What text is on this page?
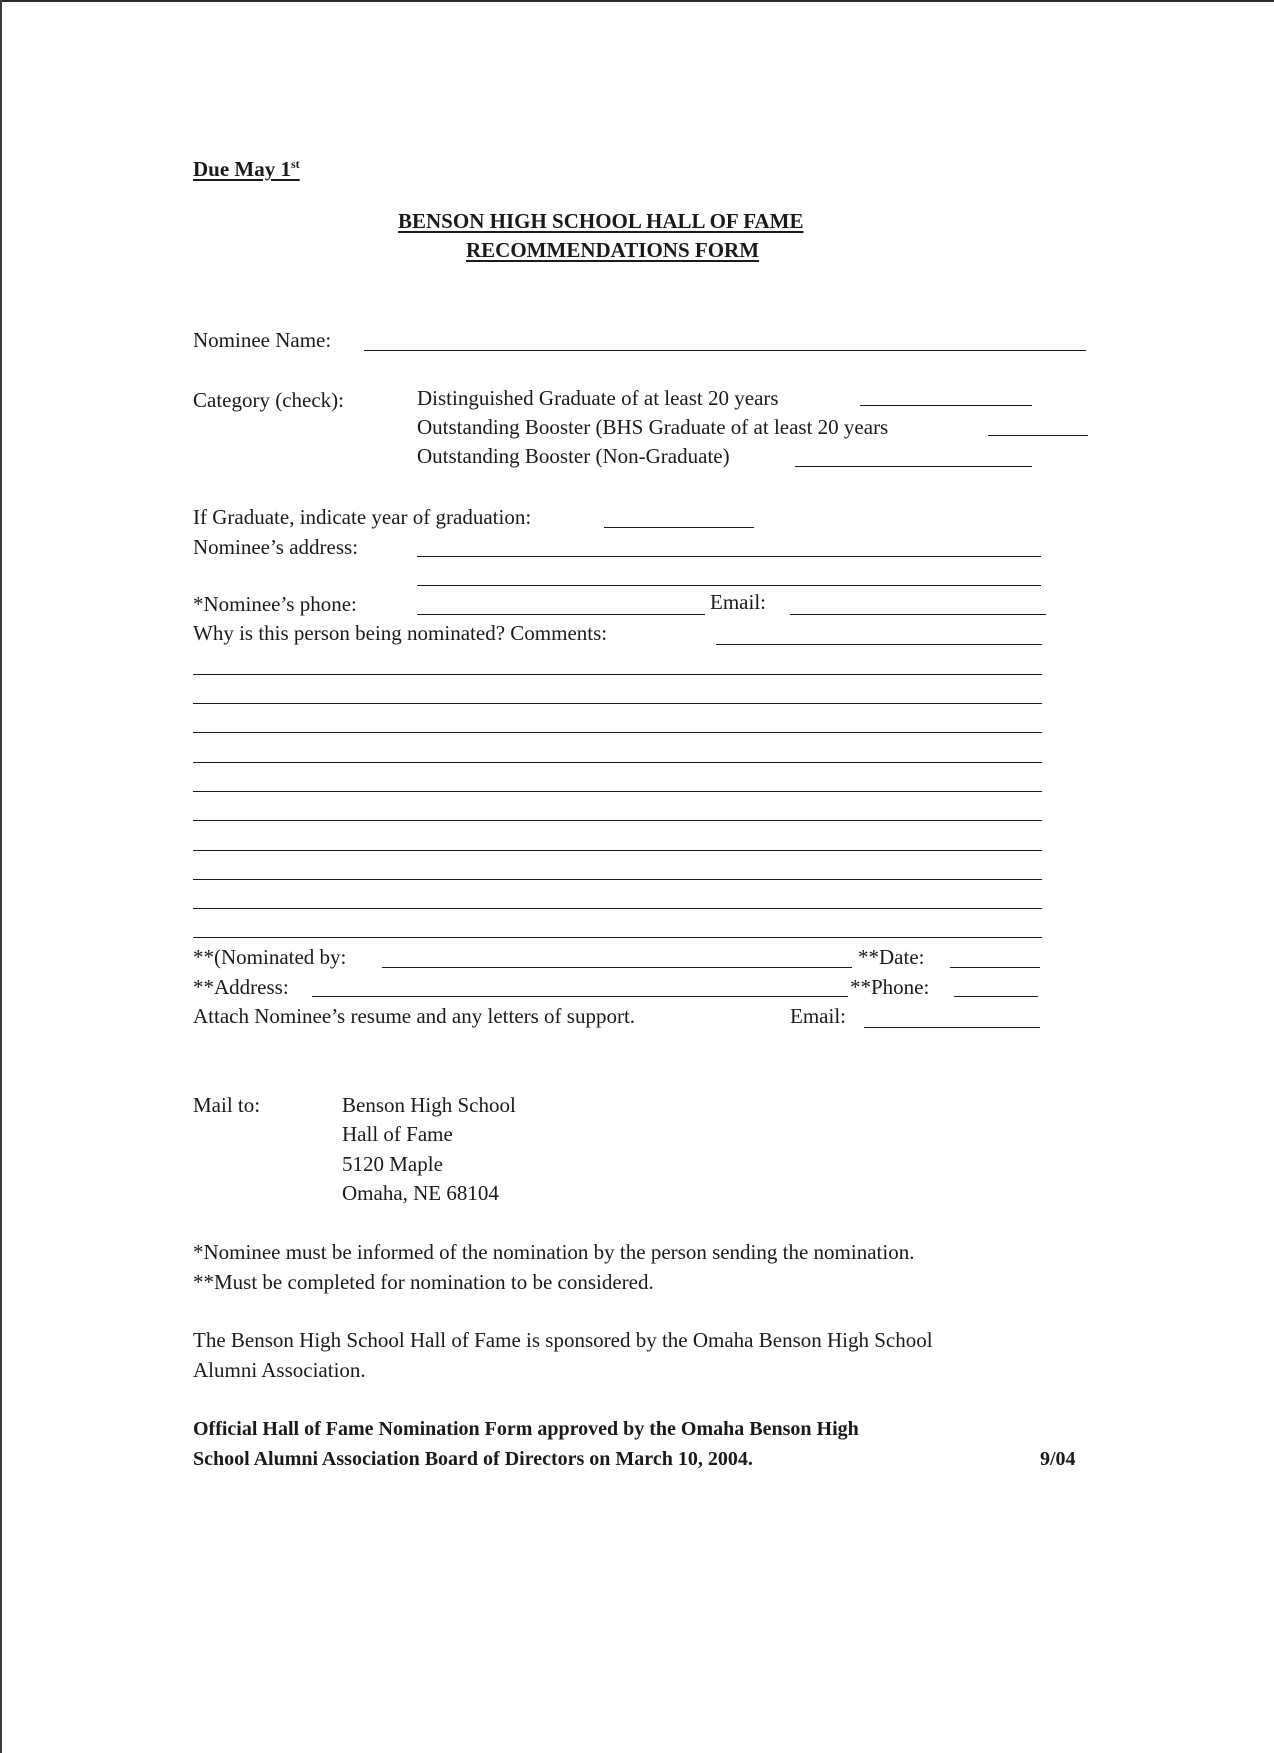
Due May 1st
BENSON HIGH SCHOOL HALL OF FAME
RECOMMENDATIONS FORM
Nominee Name:
Category (check):	Distinguished Graduate of at least 20 years
Outstanding Booster (BHS Graduate of at least 20 years
Outstanding Booster (Non-Graduate)
If Graduate, indicate year of graduation:
Nominee’s address:
*Nominee’s phone:	Email:
Why is this person being nominated? Comments:
**(Nominated by:	**Date:
**Address:	**Phone:
Attach Nominee’s resume and any letters of support.	Email:
Mail to:	Benson High School
Hall of Fame
5120 Maple
Omaha, NE 68104
*Nominee must be informed of the nomination by the person sending the nomination.
**Must be completed for nomination to be considered.
The Benson High School Hall of Fame is sponsored by the Omaha Benson High School
Alumni Association.
Official Hall of Fame Nomination Form approved by the Omaha Benson High
School Alumni Association Board of Directors on March 10, 2004.	9/04
